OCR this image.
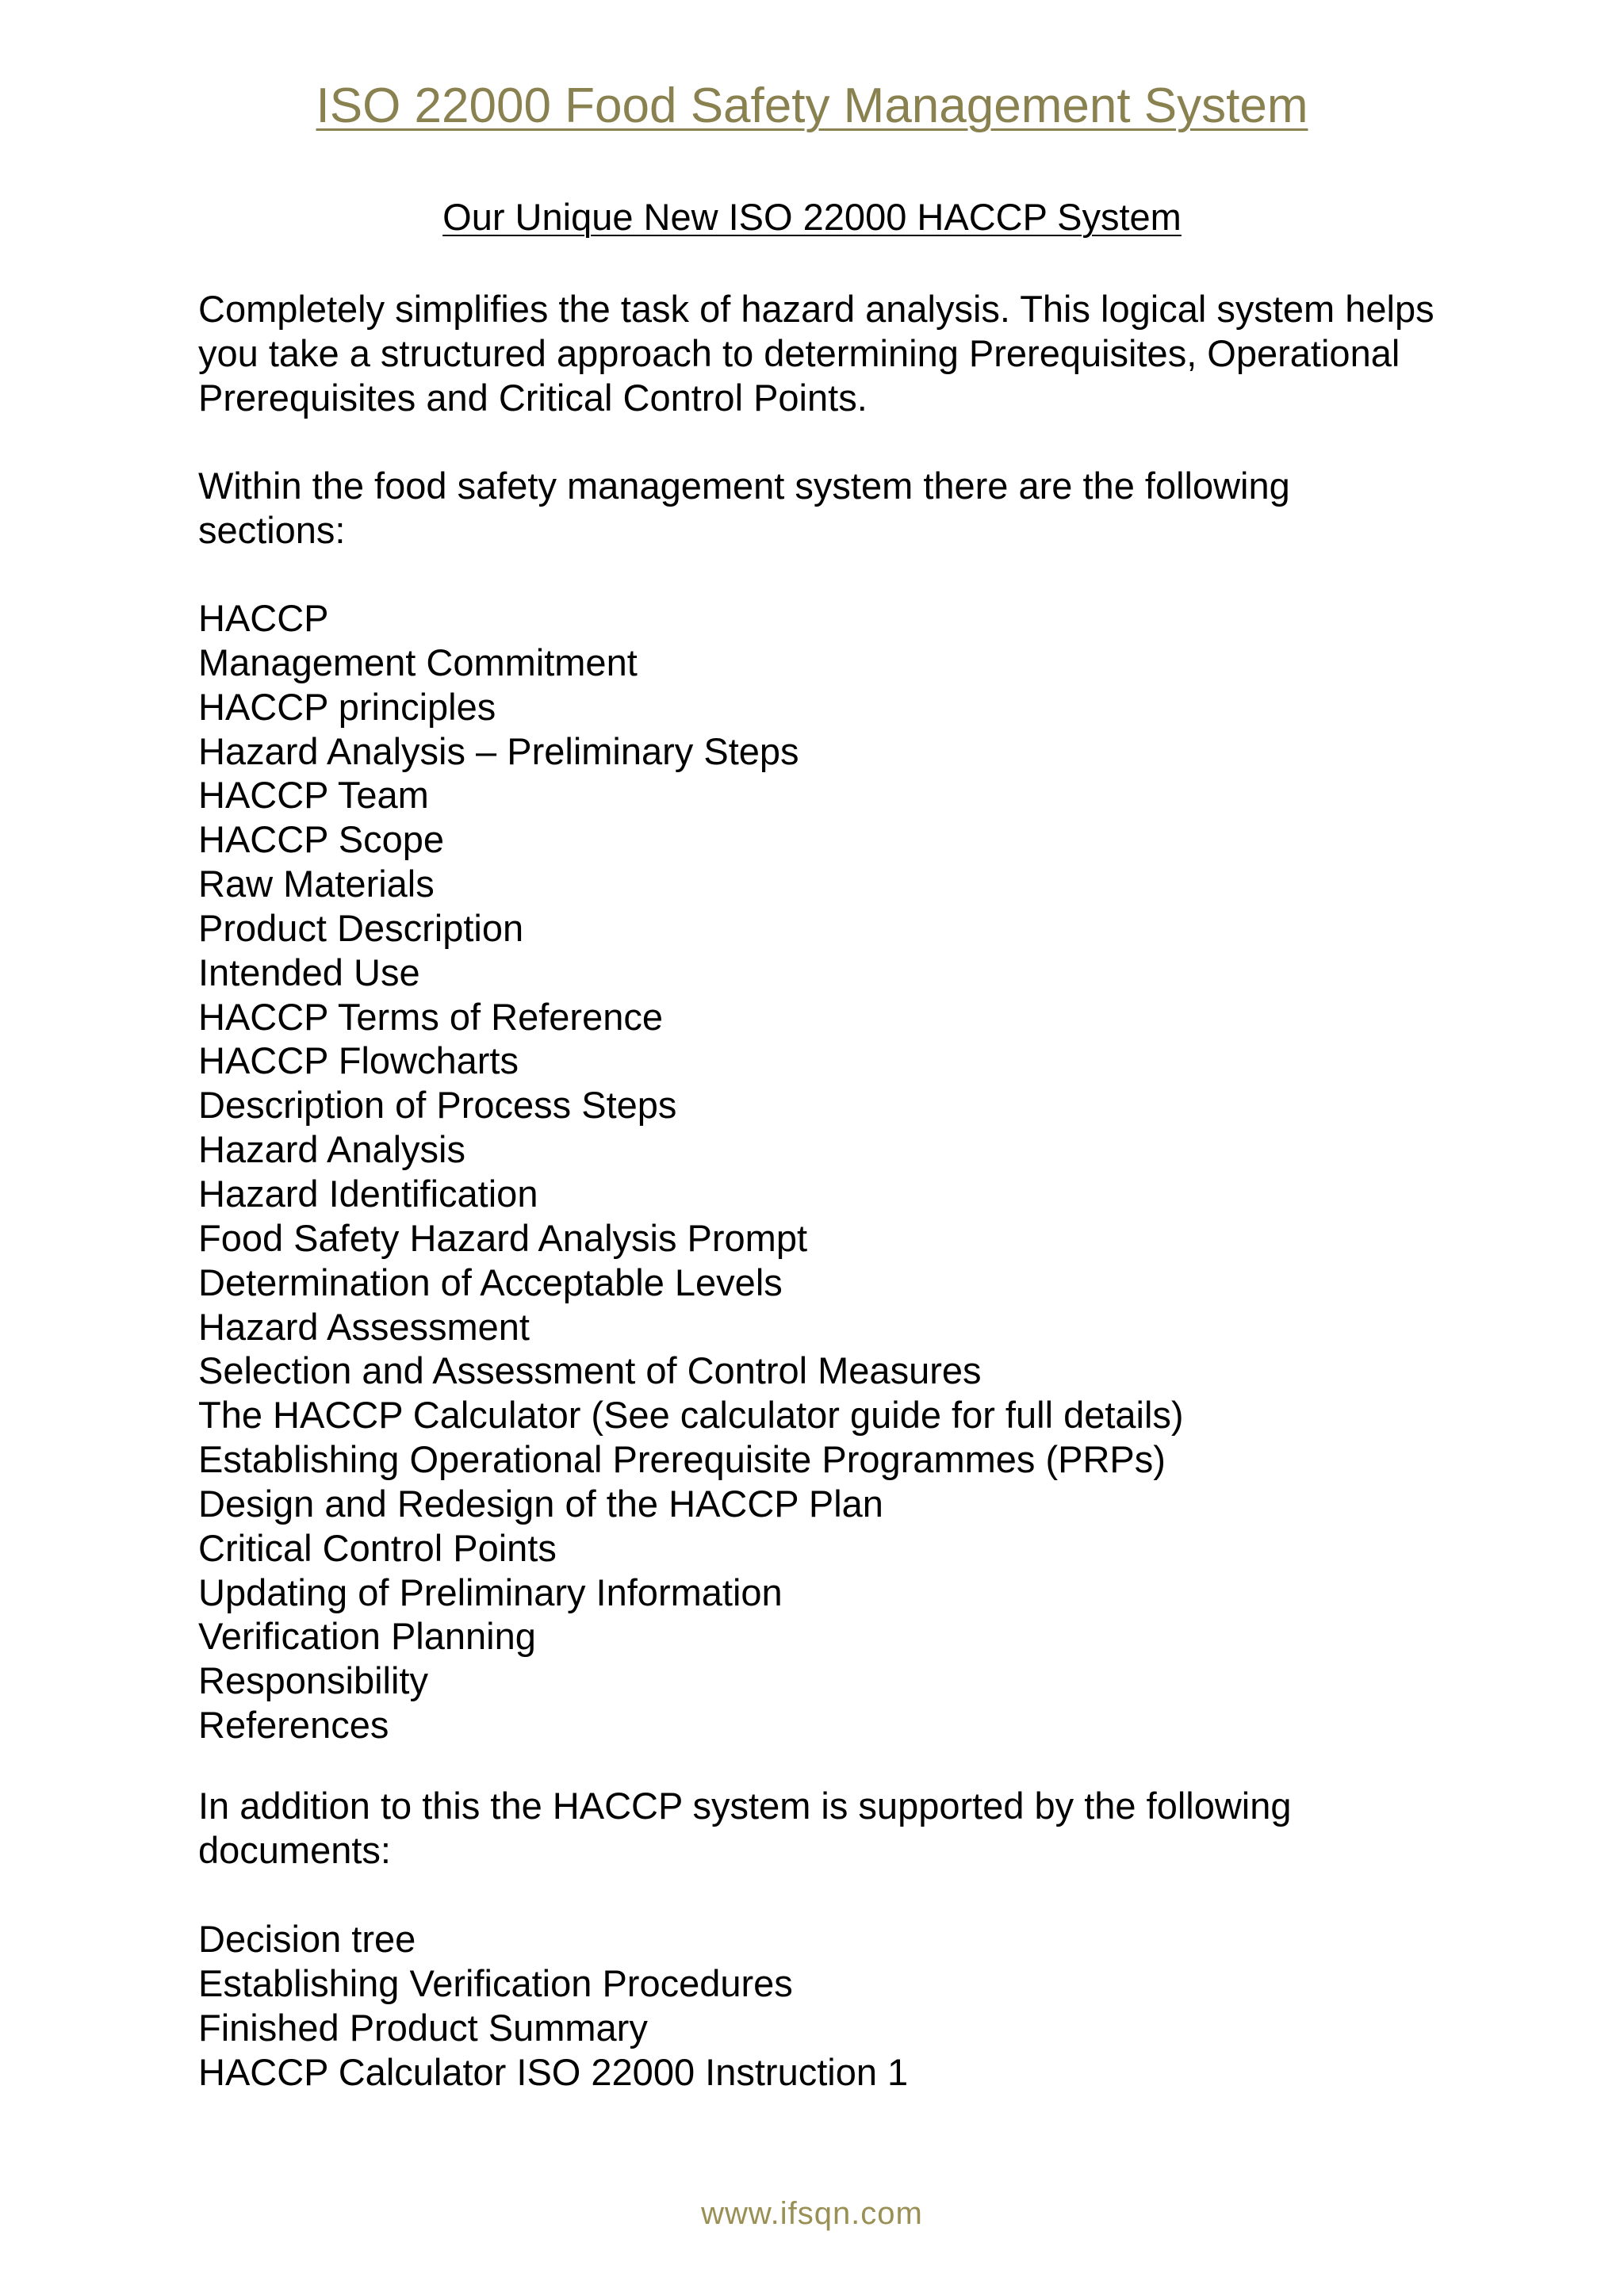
ISO 22000 Food Safety Management System
Our Unique New ISO 22000 HACCP System

Completely simplifies the task of hazard analysis. This logical system helps you take a structured approach to determining Prerequisites, Operational Prerequisites and Critical Control Points.

Within the food safety management system there are the following sections:

HACCP
Management Commitment
HACCP principles
Hazard Analysis – Preliminary Steps
HACCP Team
HACCP Scope
Raw Materials
Product Description
Intended Use
HACCP Terms of Reference
HACCP Flowcharts
Description of Process Steps
Hazard Analysis
Hazard Identification
Food Safety Hazard Analysis Prompt
Determination of Acceptable Levels
Hazard Assessment
Selection and Assessment of Control Measures
The HACCP Calculator (See calculator guide for full details)
Establishing Operational Prerequisite Programmes (PRPs)
Design and Redesign of the HACCP Plan
Critical Control Points
Updating of Preliminary Information
Verification Planning
Responsibility
References

In addition to this the HACCP system is supported by the following documents:

Decision tree
Establishing Verification Procedures
Finished Product Summary
HACCP Calculator ISO 22000 Instruction 1
www.ifsqn.com
